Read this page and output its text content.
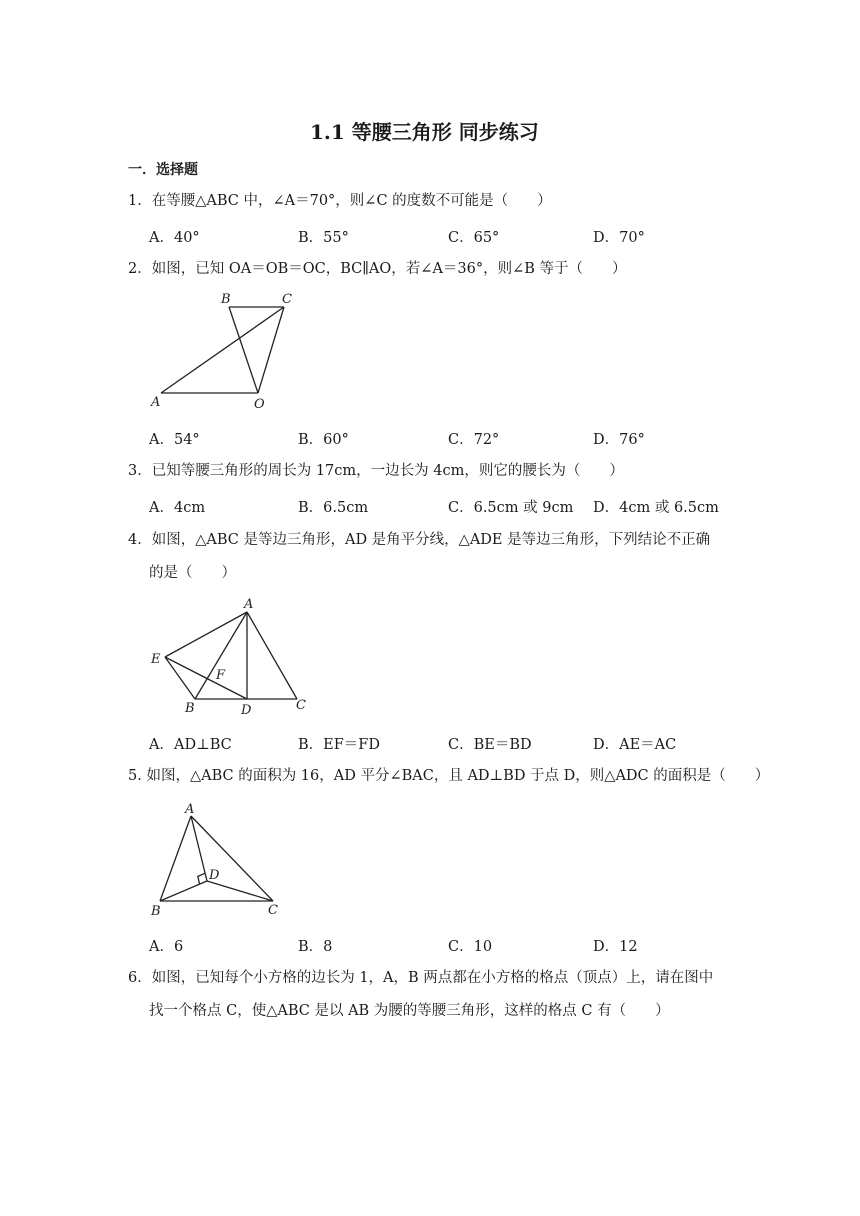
1.1 等腰三角形 同步练习
一．选择题
1．在等腰△ABC 中，∠A＝70°，则∠C 的度数不可能是（　　）
A．40°	B．55°	C．65°	D．70°
2．如图，已知 OA＝OB＝OC，BC∥AO，若∠A＝36°，则∠B 等于（　　）
B	C
A	O
A．54°	B．60°	C．72°	D．76°
3．已知等腰三角形的周长为 17cm，一边长为 4cm，则它的腰长为（　　）
A．4cm	B．6.5cm	C．6.5cm 或 9cm D．4cm 或 6.5cm
4．如图，△ABC 是等边三角形，AD 是角平分线，△ADE 是等边三角形，下列结论不正确
的是（　　）
A
E
F
B	D	C
A．AD⊥BC	B．EF＝FD	C．BE＝BD	D．AE＝AC
5. 如图，△ABC 的面积为 16，AD 平分∠BAC，且 AD⊥BD 于点 D，则△ADC 的面积是（　　）
A
D
B	C
A．6	B．8	C．10	D．12
6．如图，已知每个小方格的边长为 1，A，B 两点都在小方格的格点（顶点）上，请在图中
找一个格点 C，使△ABC 是以 AB 为腰的等腰三角形，这样的格点 C 有（　　）
